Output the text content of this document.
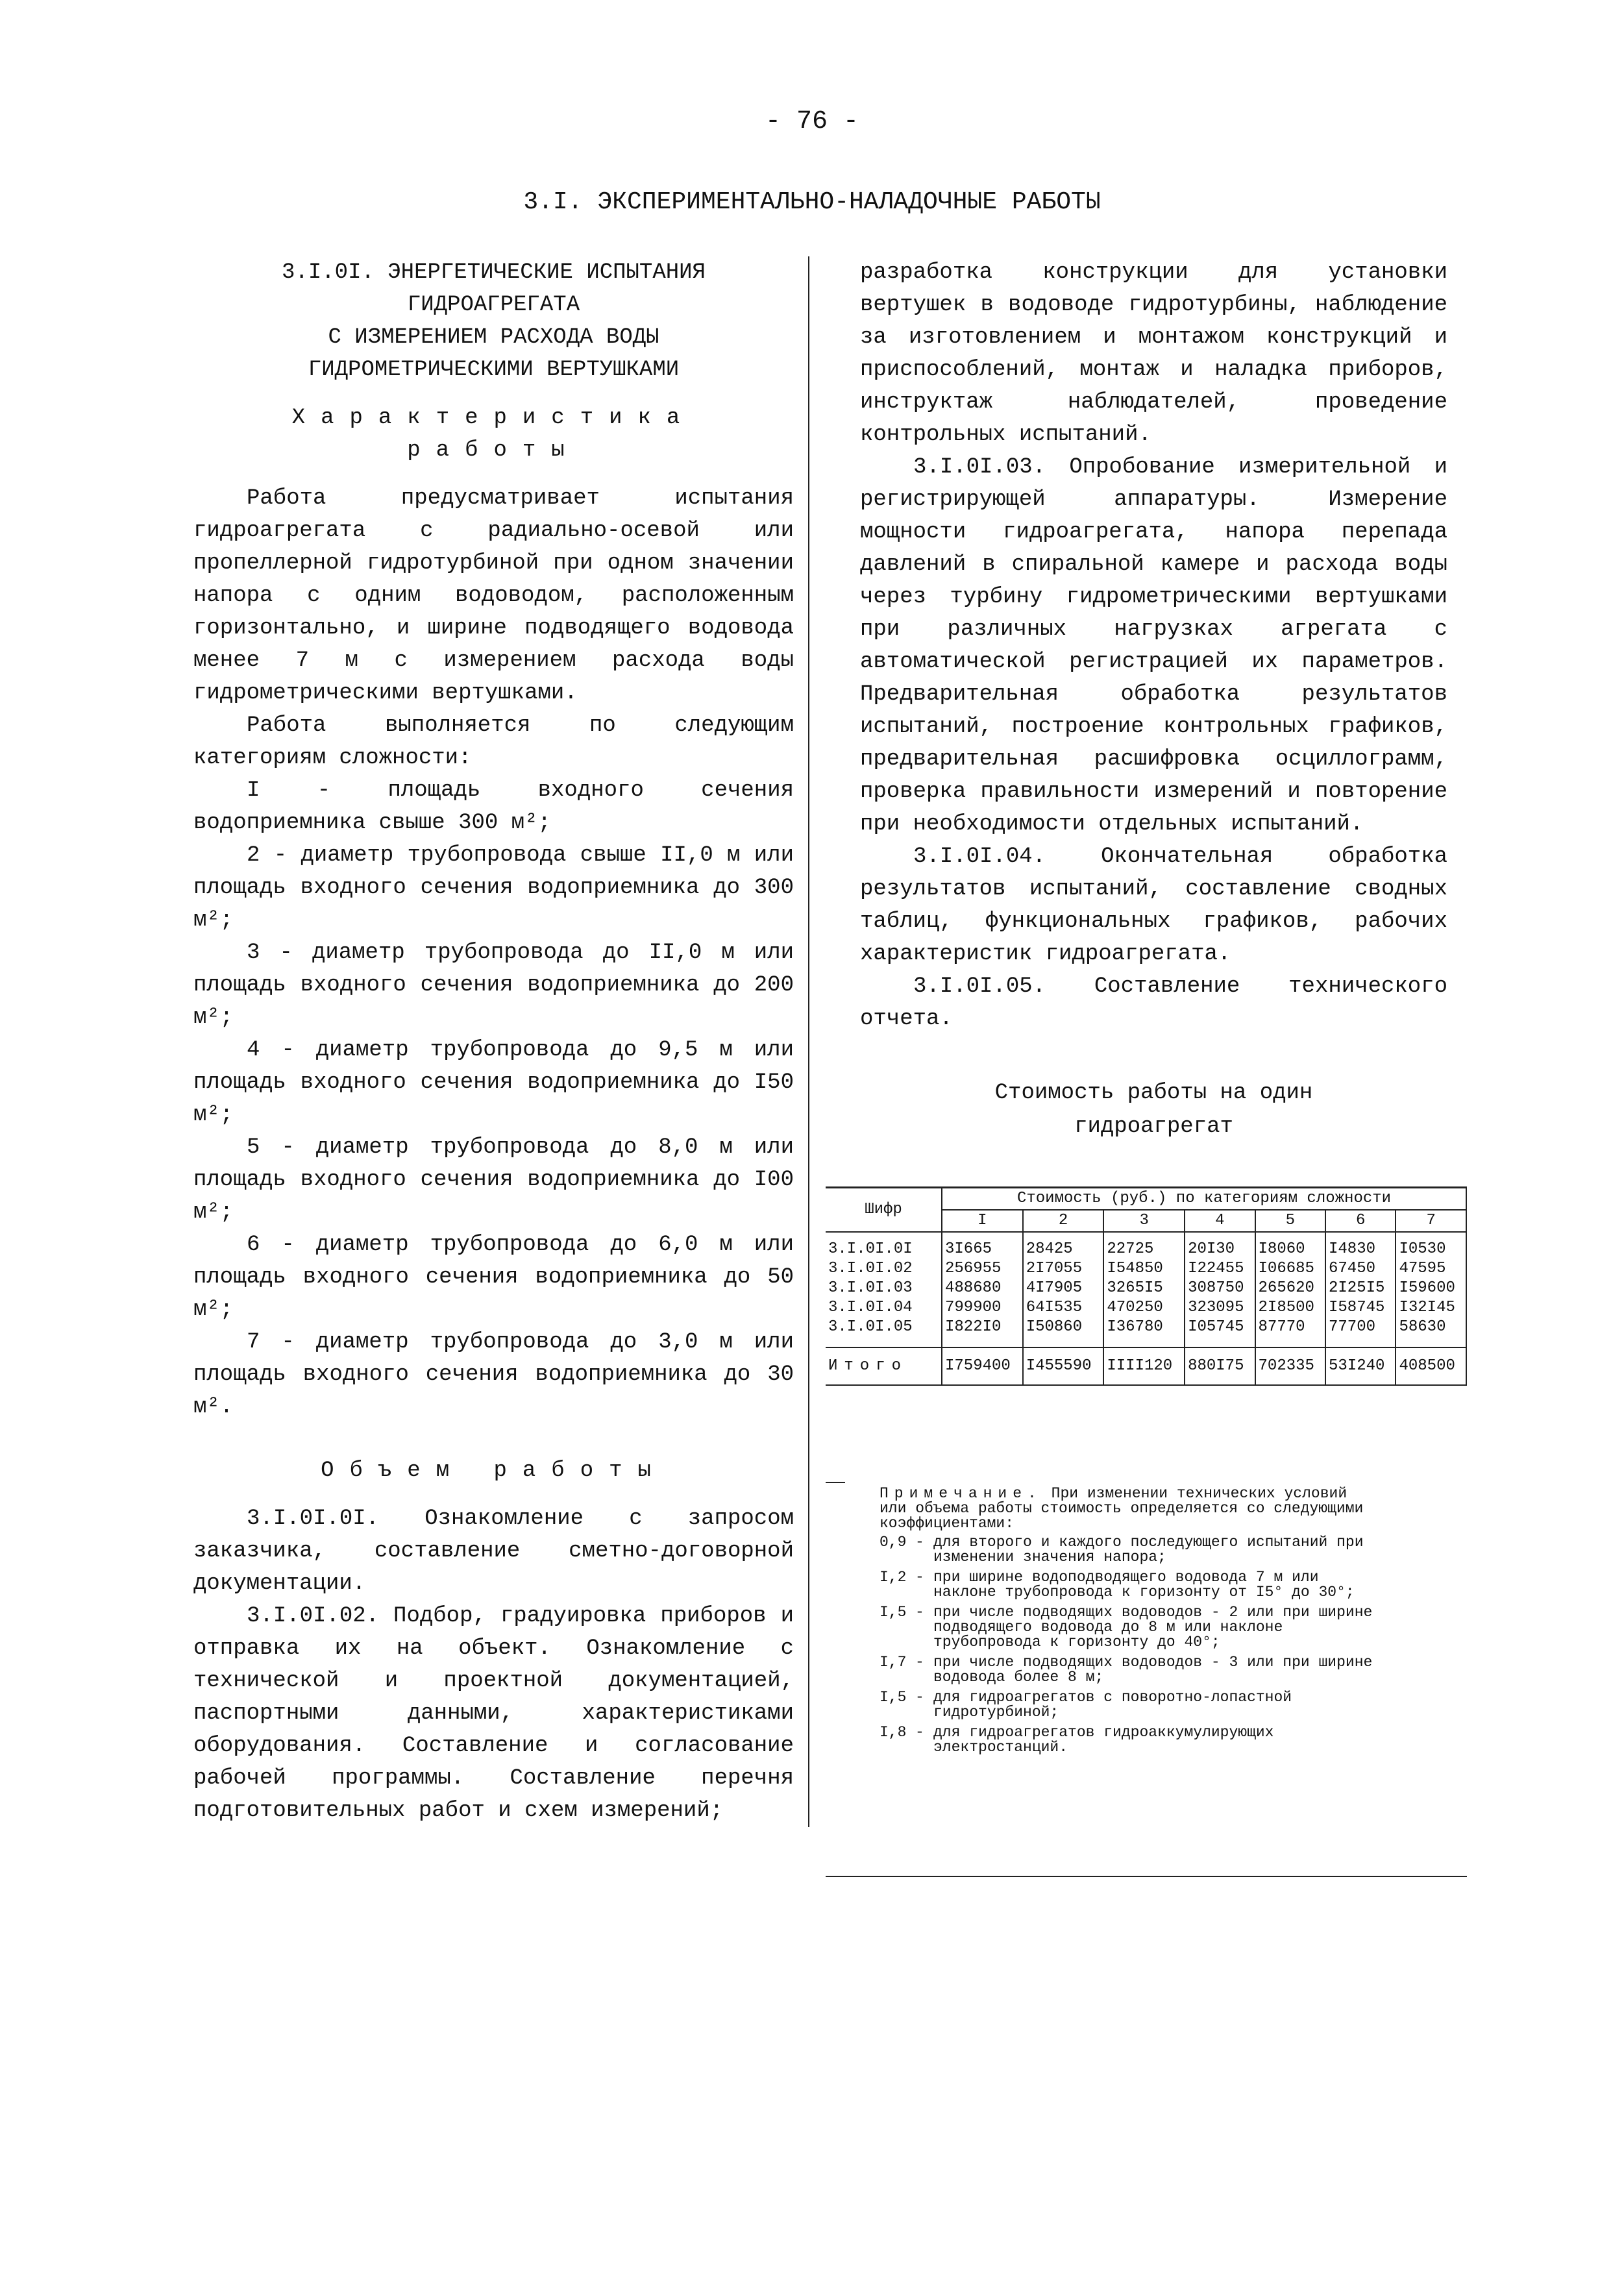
- 76 -
3.I. ЭКСПЕРИМЕНТАЛЬНО-НАЛАДОЧНЫЕ РАБОТЫ
3.I.0I. ЭНЕРГЕТИЧЕСКИЕ ИСПЫТАНИЯ
ГИДРОАГРЕГАТА
С ИЗМЕРЕНИЕМ РАСХОДА ВОДЫ
ГИДРОМЕТРИЧЕСКИМИ ВЕРТУШКАМИ
Характеристика
работы

Работа предусматривает испытания гидроагрегата с радиально-осевой или пропеллерной гидротурбиной при одном значении напора с одним водоводом, расположенным горизонтально, и ширине подводящего водовода менее 7 м с измерением расхода воды гидрометрическими вертушками.

Работа выполняется по следующим категориям сложности:

I - площадь входного сечения водоприемника свыше 300 м²;

2 - диаметр трубопровода свыше II,0 м или площадь входного сечения водоприемника до 300 м²;

3 - диаметр трубопровода до II,0 м или площадь входного сечения водоприемника до 200 м²;

4 - диаметр трубопровода до 9,5 м или площадь входного сечения водоприемника до I50 м²;

5 - диаметр трубопровода до 8,0 м или площадь входного сечения водоприемника до I00 м²;

6 - диаметр трубопровода до 6,0 м или площадь входного сечения водоприемника до 50 м²;

7 - диаметр трубопровода до 3,0 м или площадь входного сечения водоприемника до 30 м².

Объем работы

3.I.0I.0I. Ознакомление с запросом заказчика, составление сметно-договорной документации.

3.I.0I.02. Подбор, градуировка приборов и отправка их на объект. Ознакомление с технической и проектной документацией, паспортными данными, характеристиками оборудования. Составление и согласование рабочей программы. Составление перечня подготовительных работ и схем измерений;

разработка конструкции для установки вертушек в водоводе гидротурбины, наблюдение за изготовлением и монтажом конструкций и приспособлений, монтаж и наладка приборов, инструктаж наблюдателей, проведение контрольных испытаний.

3.I.0I.03. Опробование измерительной и регистрирующей аппаратуры. Измерение мощности гидроагрегата, напора перепада давлений в спиральной камере и расхода воды через турбину гидрометрическими вертушками при различных нагрузках агрегата с автоматической регистрацией их параметров. Предварительная обработка результатов испытаний, построение контрольных графиков, предварительная расшифровка осциллограмм, проверка правильности измерений и повторение при необходимости отдельных испытаний.

3.I.0I.04. Окончательная обработка результатов испытаний, составление сводных таблиц, функциональных графиков, рабочих характеристик гидроагрегата.

3.I.0I.05. Составление технического отчета.

Стоимость работы на один
гидроагрегат
Шифр	Стоимость (руб.) по категориям сложности						
	I	2	3	4	5	6	7
3.I.0I.0I	3I665	28425	22725	20I30	I8060	I4830	I0530
3.I.0I.02	256955	2I7055	I54850	I22455	I06685	67450	47595
3.I.0I.03	488680	4I7905	3265I5	308750	265620	2I25I5	I59600
3.I.0I.04	799900	64I535	470250	323095	2I8500	I58745	I32I45
3.I.0I.05	I822I0	I50860	I36780	I05745	87770	77700	58630
Итого	I759400	I455590	IIII120	880I75	702335	53I240	408500

Примечание. При изменении технических условий или объема работы стоимость определяется со следующими коэффициентами:

0,9 - для второго и каждого последующего испытаний при изменении значения напора;
I,2 - при ширине водоподводящего водовода 7 м или наклоне трубопровода к горизонту от I5° до 30°;
I,5 - при числе подводящих водоводов - 2 или при ширине подводящего водовода до 8 м или наклоне трубопровода к горизонту до 40°;
I,7 - при числе подводящих водоводов - 3 или при ширине водовода более 8 м;
I,5 - для гидроагрегатов с поворотно-лопастной гидротурбиной;
I,8 - для гидроагрегатов гидроаккумулирующих электростанций.
